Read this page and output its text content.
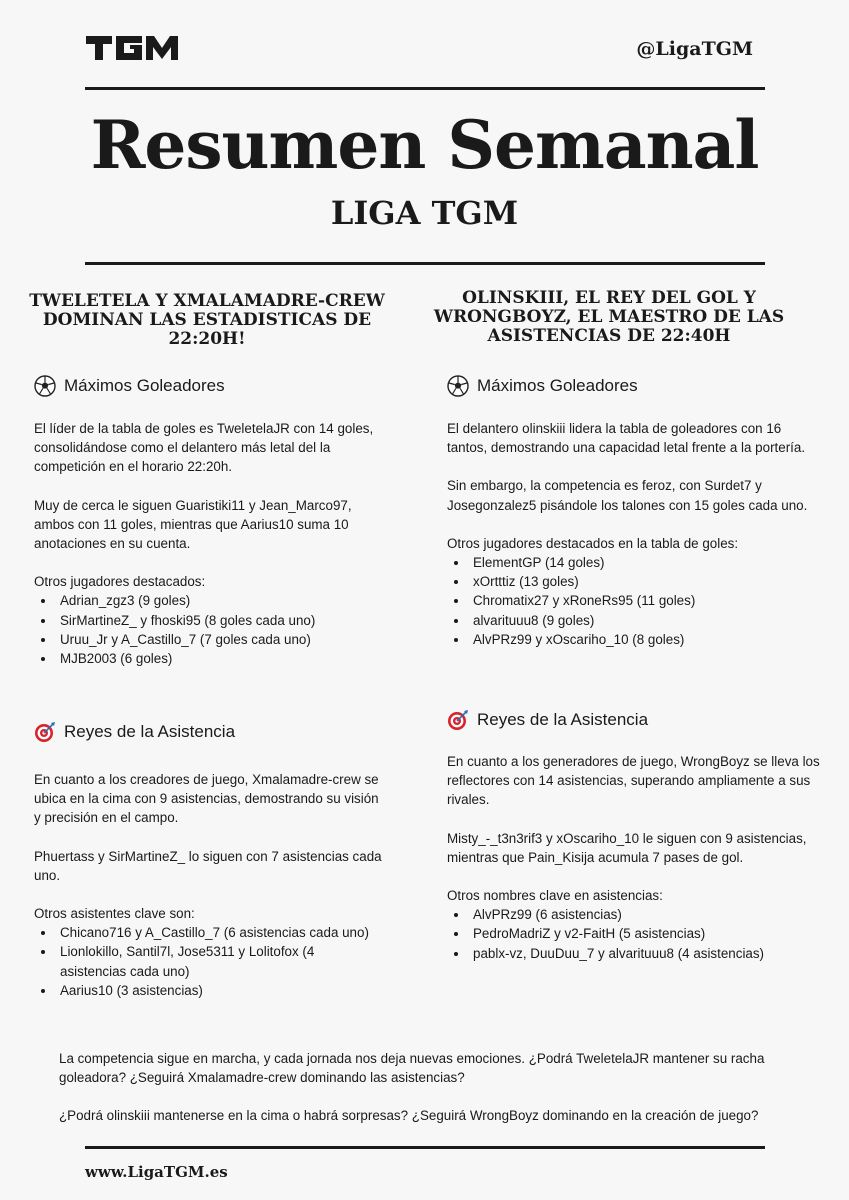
@LigaTGM
Resumen Semanal
LIGA TGM
TWELETELA Y XMALAMADRE-CREW DOMINAN LAS ESTADISTICAS DE 22:20H!
Máximos Goleadores

El líder de la tabla de goles es TweletelaJR con 14 goles, consolidándose como el delantero más letal del la competición en el horario 22:20h.

Muy de cerca le siguen Guaristiki11 y Jean_Marco97, ambos con 11 goles, mientras que Aarius10 suma 10 anotaciones en su cuenta.

Otros jugadores destacados:

• Adrian_zgz3 (9 goles)
• SirMartineZ_ y fhoski95 (8 goles cada uno)
• Uruu_Jr y A_Castillo_7 (7 goles cada uno)
• MJB2003 (6 goles)
Reyes de la Asistencia

En cuanto a los creadores de juego, Xmalamadre-crew se ubica en la cima con 9 asistencias, demostrando su visión y precisión en el campo.

Phuertass y SirMartineZ_ lo siguen con 7 asistencias cada uno.

Otros asistentes clave son:

• Chicano716 y A_Castillo_7 (6 asistencias cada uno)
• Lionlokillo, Santil7l, Jose5311 y Lolitofox (4 asistencias cada uno)
• Aarius10 (3 asistencias)
OLINSKIII, EL REY DEL GOL Y WRONGBOYZ, EL MAESTRO DE LAS ASISTENCIAS DE 22:40H
Máximos Goleadores

El delantero olinskiii lidera la tabla de goleadores con 16 tantos, demostrando una capacidad letal frente a la portería.

Sin embargo, la competencia es feroz, con Surdet7 y Josegonzalez5 pisándole los talones con 15 goles cada uno.

Otros jugadores destacados en la tabla de goles:

• ElementGP (14 goles)
• xOrtttiz (13 goles)
• Chromatix27 y xRoneRs95 (11 goles)
• alvarituuu8 (9 goles)
• AlvPRz99 y xOscariho_10 (8 goles)
Reyes de la Asistencia

En cuanto a los generadores de juego, WrongBoyz se lleva los reflectores con 14 asistencias, superando ampliamente a sus rivales.

Misty_-_t3n3rif3 y xOscariho_10 le siguen con 9 asistencias, mientras que Pain_Kisija acumula 7 pases de gol.

Otros nombres clave en asistencias:

• AlvPRz99 (6 asistencias)
• PedroMadriZ y v2-FaitH (5 asistencias)
• pablx-vz, DuuDuu_7 y alvarituuu8 (4 asistencias)

La competencia sigue en marcha, y cada jornada nos deja nuevas emociones. ¿Podrá TweletelaJR mantener su racha goleadora? ¿Seguirá Xmalamadre-crew dominando las asistencias?

¿Podrá olinskiii mantenerse en la cima o habrá sorpresas? ¿Seguirá WrongBoyz dominando en la creación de juego?

www.LigaTGM.es
